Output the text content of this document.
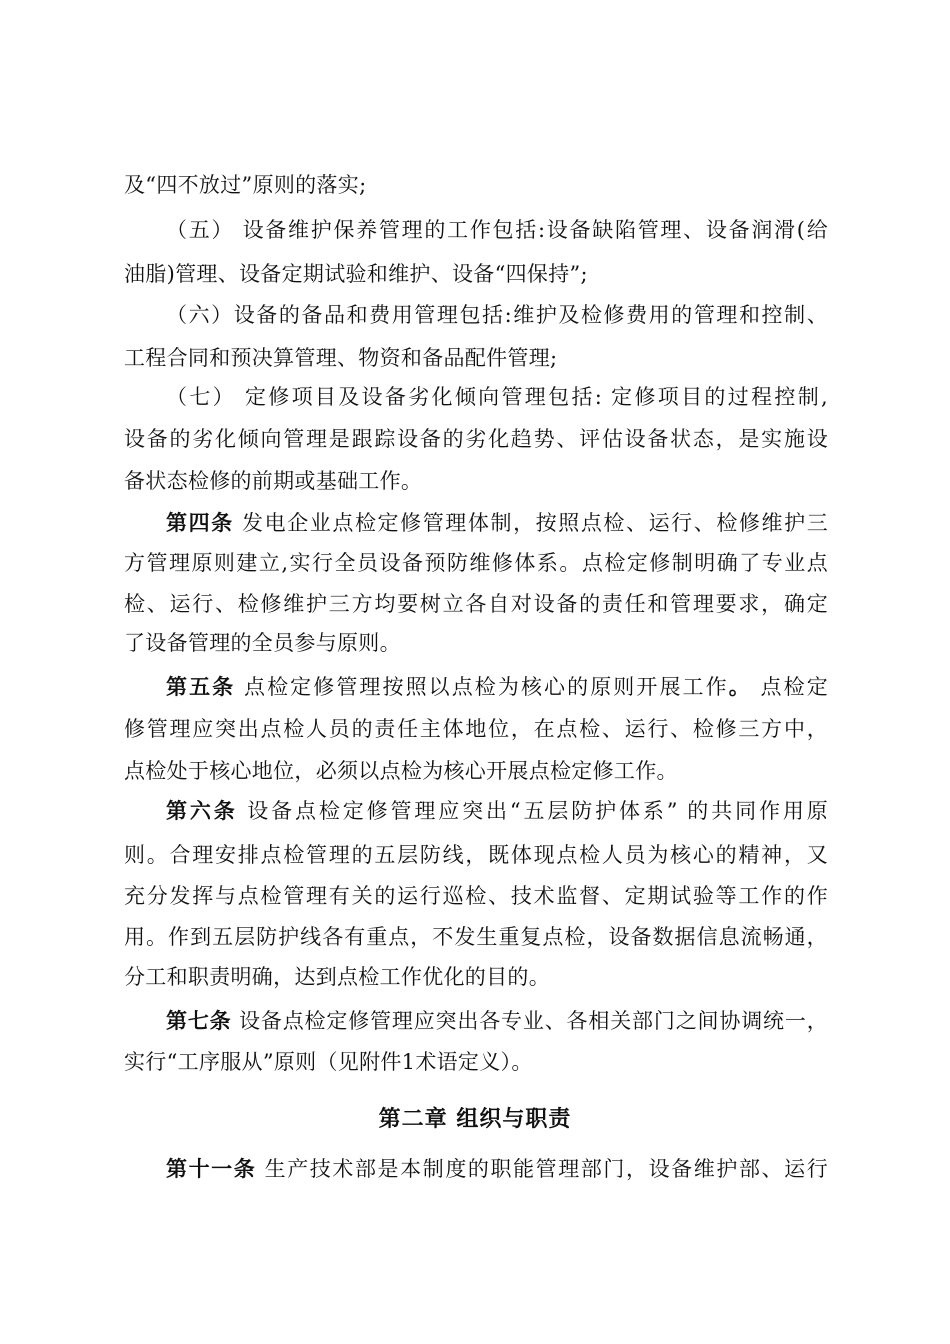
及“四不放过”原则的落实;
（五） 设备维护保养管理的工作包括:设备缺陷管理、设备润滑(给
油脂)管理、设备定期试验和维护、设备“四保持”;
（六）设备的备品和费用管理包括:维护及检修费用的管理和控制、
工程合同和预决算管理、物资和备品配件管理;
（七） 定修项目及设备劣化倾向管理包括: 定修项目的过程控制,
设备的劣化倾向管理是跟踪设备的劣化趋势、评估设备状态，是实施设
备状态检修的前期或基础工作。
第四条 发电企业点检定修管理体制，按照点检、运行、检修维护三
方管理原则建立,实行全员设备预防维修体系。点检定修制明确了专业点
检、运行、检修维护三方均要树立各自对设备的责任和管理要求，确定
了设备管理的全员参与原则。
第五条 点检定修管理按照以点检为核心的原则开展工作。 点检定
修管理应突出点检人员的责任主体地位，在点检、运行、检修三方中，
点检处于核心地位，必须以点检为核心开展点检定修工作。
第六条 设备点检定修管理应突出“五层防护体系” 的共同作用原
则。合理安排点检管理的五层防线，既体现点检人员为核心的精神，又
充分发挥与点检管理有关的运行巡检、技术监督、定期试验等工作的作
用。作到五层防护线各有重点，不发生重复点检，设备数据信息流畅通，
分工和职责明确，达到点检工作优化的目的。
第七条 设备点检定修管理应突出各专业、各相关部门之间协调统一，
实行“工序服从”原则（见附件1术语定义）。
第二章 组织与职责
第十一条 生产技术部是本制度的职能管理部门，设备维护部、运行
